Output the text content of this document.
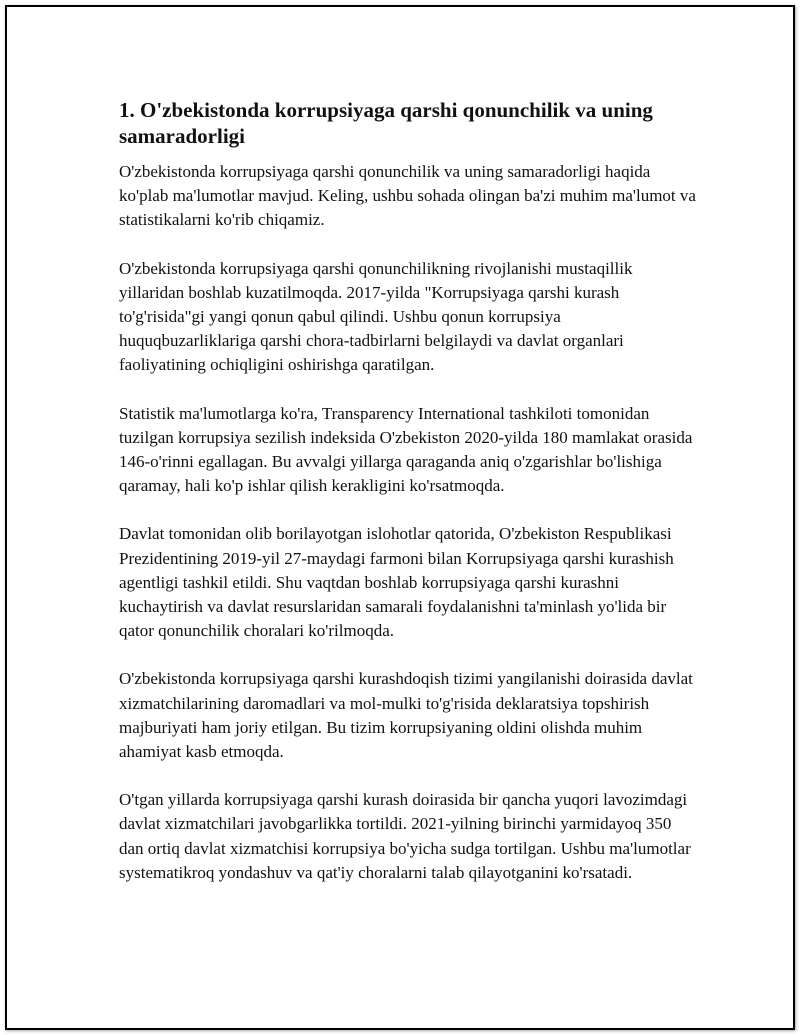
1. O'zbekistonda korrupsiyaga qarshi qonunchilik va uning samaradorligi

O'zbekistonda korrupsiyaga qarshi qonunchilik va uning samaradorligi haqida ko'plab ma'lumotlar mavjud. Keling, ushbu sohada olingan ba'zi muhim ma'lumot va statistikalarni ko'rib chiqamiz.

O'zbekistonda korrupsiyaga qarshi qonunchilikning rivojlanishi mustaqillik yillaridan boshlab kuzatilmoqda. 2017-yilda "Korrupsiyaga qarshi kurash to'g'risida"gi yangi qonun qabul qilindi. Ushbu qonun korrupsiya huquqbuzarliklariga qarshi chora-tadbirlarni belgilaydi va davlat organlari faoliyatining ochiqligini oshirishga qaratilgan.

Statistik ma'lumotlarga ko'ra, Transparency International tashkiloti tomonidan tuzilgan korrupsiya sezilish indeksida O'zbekiston 2020-yilda 180 mamlakat orasida 146-o'rinni egallagan. Bu avvalgi yillarga qaraganda aniq o'zgarishlar bo'lishiga qaramay, hali ko'p ishlar qilish kerakligini ko'rsatmoqda.

Davlat tomonidan olib borilayotgan islohotlar qatorida, O'zbekiston Respublikasi Prezidentining 2019-yil 27-maydagi farmoni bilan Korrupsiyaga qarshi kurashish agentligi tashkil etildi. Shu vaqtdan boshlab korrupsiyaga qarshi kurashni kuchaytirish va davlat resurslaridan samarali foydalanishni ta'minlash yo'lida bir qator qonunchilik choralari ko'rilmoqda.

O'zbekistonda korrupsiyaga qarshi kurashdoqish tizimi yangilanishi doirasida davlat xizmatchilarining daromadlari va mol-mulki to'g'risida deklaratsiya topshirish majburiyati ham joriy etilgan. Bu tizim korrupsiyaning oldini olishda muhim ahamiyat kasb etmoqda.

O'tgan yillarda korrupsiyaga qarshi kurash doirasida bir qancha yuqori lavozimdagi davlat xizmatchilari javobgarlikka tortildi. 2021-yilning birinchi yarmidayoq 350 dan ortiq davlat xizmatchisi korrupsiya bo'yicha sudga tortilgan. Ushbu ma'lumotlar systematikroq yondashuv va qat'iy choralarni talab qilayotganini ko'rsatadi.
